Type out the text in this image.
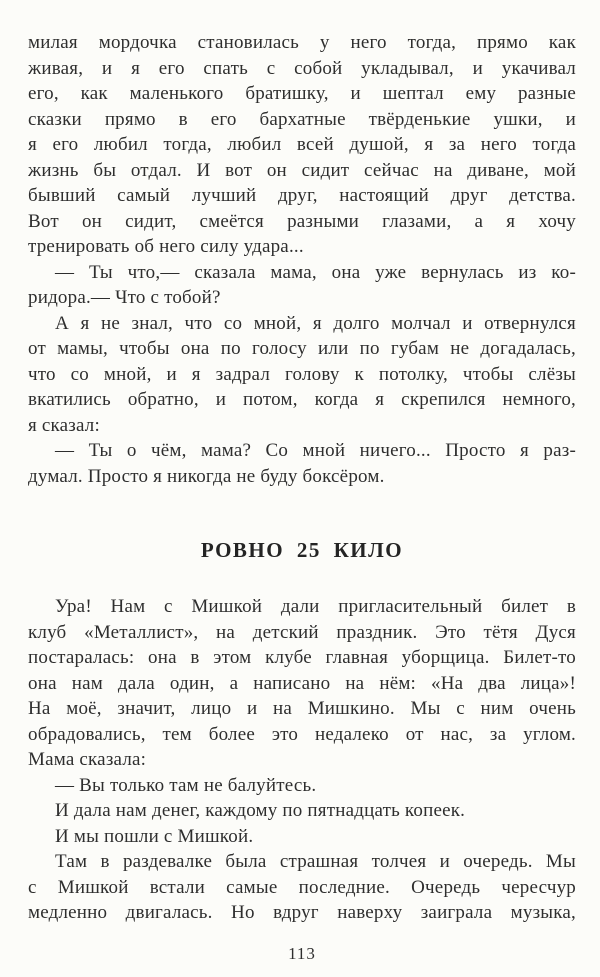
милая мордочка становилась у него тогда, прямо как
живая, и я его спать с собой укладывал, и укачивал
его, как маленького братишку, и шептал ему разные
сказки прямо в его бархатные твёрденькие ушки, и
я его любил тогда, любил всей душой, я за него тогда
жизнь бы отдал. И вот он сидит сейчас на диване, мой
бывший самый лучший друг, настоящий друг детства.
Вот он сидит, смеётся разными глазами, а я хочу
тренировать об него силу удара...
— Ты что,— сказала мама, она уже вернулась из ко-
ридора.— Что с тобой?
А я не знал, что со мной, я долго молчал и отвернулся
от мамы, чтобы она по голосу или по губам не догадалась,
что со мной, и я задрал голову к потолку, чтобы слёзы
вкатились обратно, и потом, когда я скрепился немного,
я сказал:
— Ты о чём, мама? Со мной ничего... Просто я раз-
думал. Просто я никогда не буду боксёром.
РОВНО 25 КИЛО
Ура! Нам с Мишкой дали пригласительный билет в
клуб «Металлист», на детский праздник. Это тётя Дуся
постаралась: она в этом клубе главная уборщица. Билет-то
она нам дала один, а написано на нём: «На два лица»!
На моё, значит, лицо и на Мишкино. Мы с ним очень
обрадовались, тем более это недалеко от нас, за углом.
Мама сказала:
— Вы только там не балуйтесь.
И дала нам денег, каждому по пятнадцать копеек.
И мы пошли с Мишкой.
Там в раздевалке была страшная толчея и очередь. Мы
с Мишкой встали самые последние. Очередь чересчур
медленно двигалась. Но вдруг наверху заиграла музыка,
113
